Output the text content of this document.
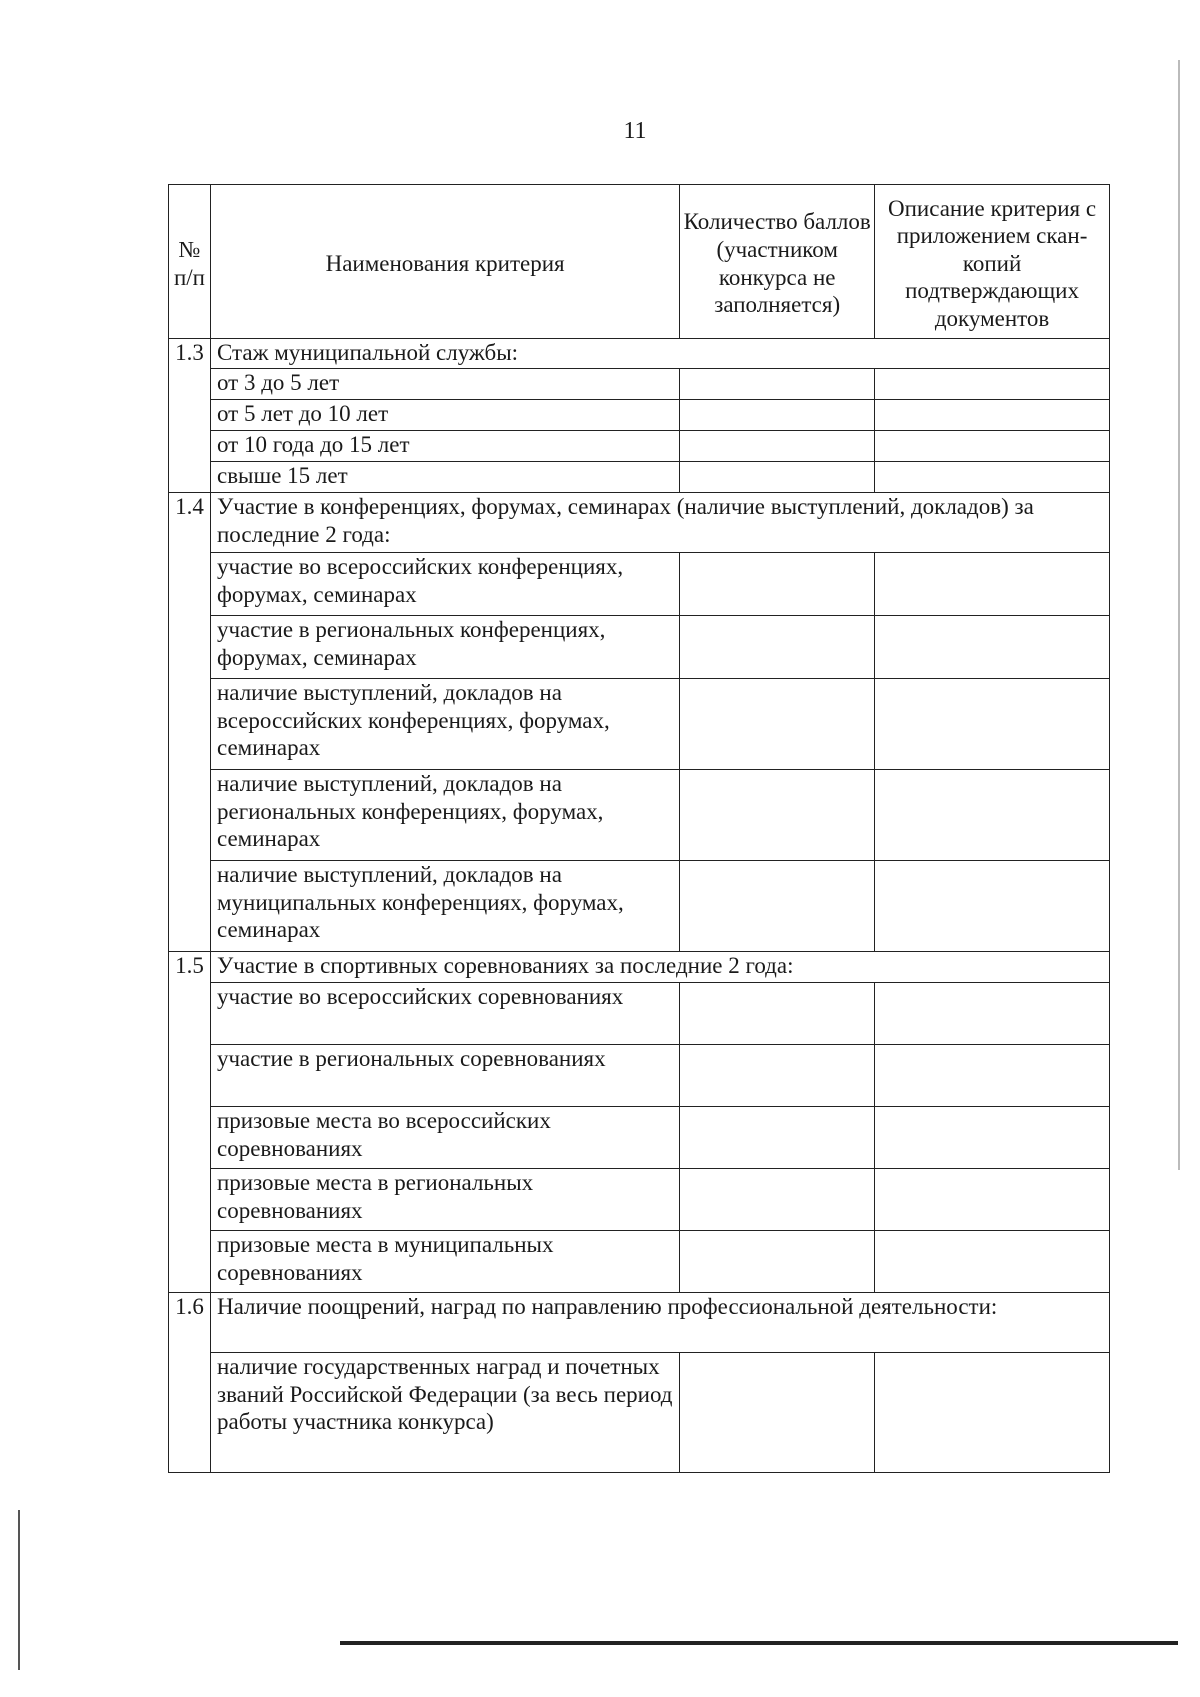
11
№ п/п	Наименования критерия	Количество баллов (участником конкурса не заполняется)	Описание критерия с приложением скан-копий подтверждающих документов
1.3	Стаж муниципальной службы:		
	от 3 до 5 лет		
	от 5 лет до 10 лет		
	от 10 года до 15 лет		
	свыше 15 лет		
1.4	Участие в конференциях, форумах, семинарах (наличие выступлений, докладов) за последние 2 года:		
	участие во всероссийских конференциях, форумах, семинарах		
	участие в региональных конференциях, форумах, семинарах		
	наличие выступлений, докладов на всероссийских конференциях, форумах, семинарах		
	наличие выступлений, докладов на региональных конференциях, форумах, семинарах		
	наличие выступлений, докладов на муниципальных конференциях, форумах, семинарах		
1.5	Участие в спортивных соревнованиях за последние 2 года:		
	участие во всероссийских соревнованиях		
	участие в региональных соревнованиях		
	призовые места во всероссийских соревнованиях		
	призовые места в региональных соревнованиях		
	призовые места в муниципальных соревнованиях		
1.6	Наличие поощрений, наград по направлению профессиональной деятельности:		
	наличие государственных наград и почетных званий Российской Федерации (за весь период работы участника конкурса)		
